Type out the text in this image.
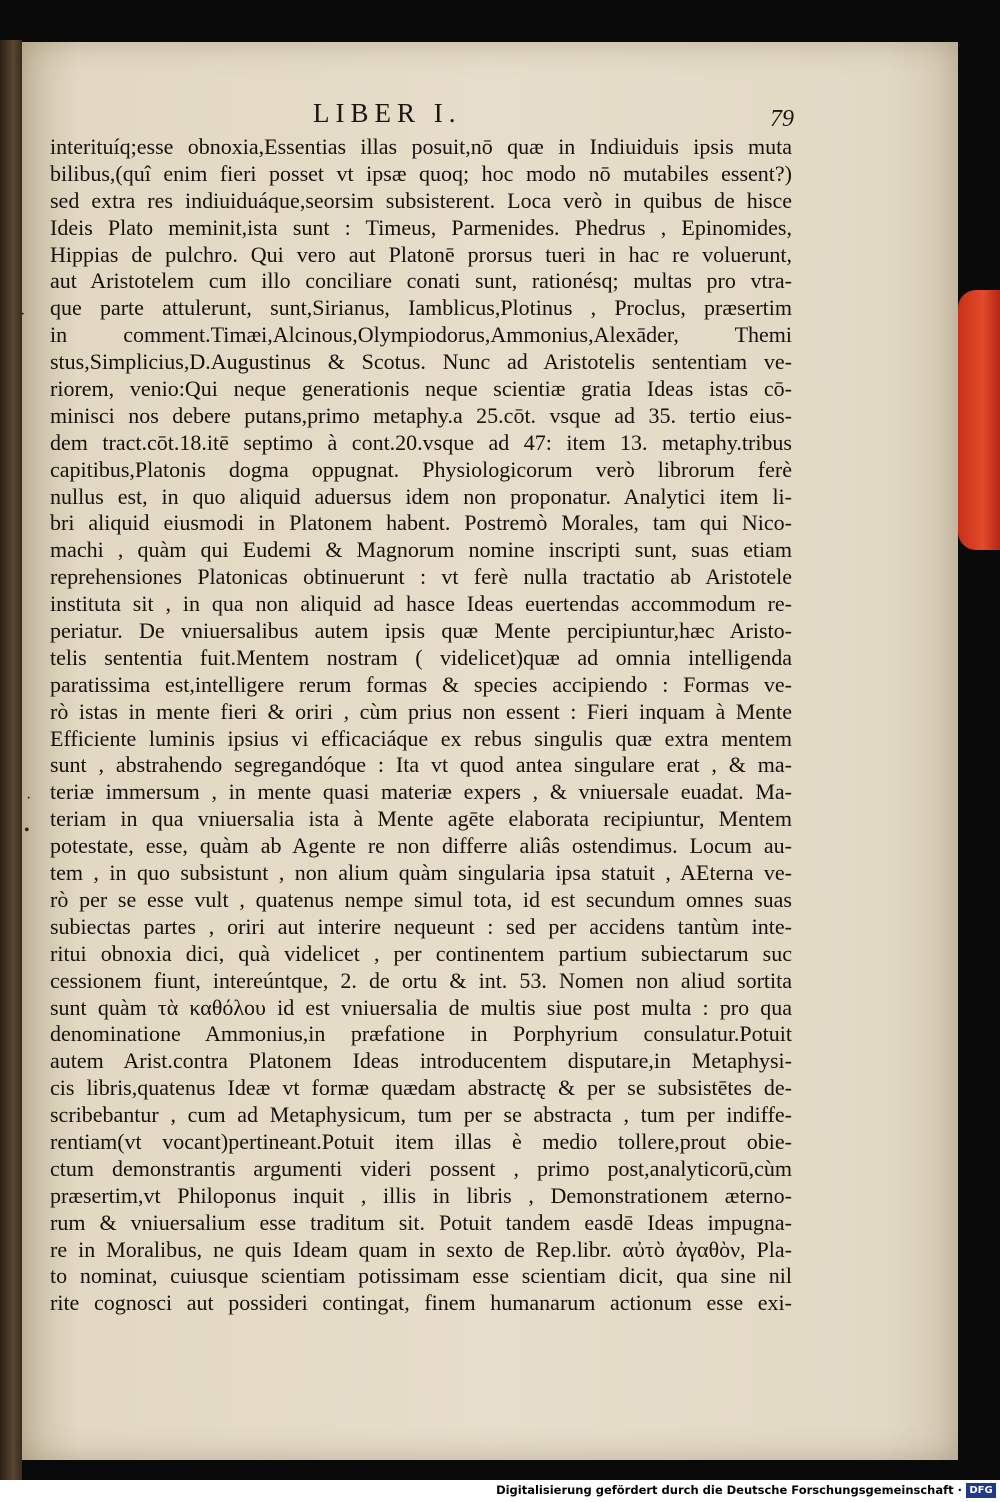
LIBER I.	79
interituíq;esse obnoxia,Essentias illas posuit,nō quæ in Indiuiduis ipsis muta
bilibus,(quî enim fieri posset vt ipsæ quoq; hoc modo nō mutabiles essent?)
sed extra res indiuiduáque,seorsim subsisterent. Loca verò in quibus de hisce
Ideis Plato meminit,ista sunt : Timeus, Parmenides. Phedrus , Epinomides,
Hippias de pulchro. Qui vero aut Platonē prorsus tueri in hac re voluerunt,
aut Aristotelem cum illo conciliare conati sunt, rationésq; multas pro vtra-
que parte attulerunt, sunt,Sirianus, Iamblicus,Plotinus , Proclus, præsertim
in comment.Timæi,Alcinous,Olympiodorus,Ammonius,Alexāder, Themi
stus,Simplicius,D.Augustinus & Scotus. Nunc ad Aristotelis sententiam ve-
riorem, venio:Qui neque generationis neque scientiæ gratia Ideas istas cō-
minisci nos debere putans,primo metaphy.a 25.cōt. vsque ad 35. tertio eius-
dem tract.cōt.18.itē septimo à cont.20.vsque ad 47: item 13. metaphy.tribus
capitibus,Platonis dogma oppugnat. Physiologicorum verò librorum ferè
nullus est, in quo aliquid aduersus idem non proponatur. Analytici item li-
bri aliquid eiusmodi in Platonem habent. Postremò Morales, tam qui Nico-
machi , quàm qui Eudemi & Magnorum nomine inscripti sunt, suas etiam
reprehensiones Platonicas obtinuerunt : vt ferè nulla tractatio ab Aristotele
instituta sit , in qua non aliquid ad hasce Ideas euertendas accommodum re-
periatur. De vniuersalibus autem ipsis quæ Mente percipiuntur,hæc Aristo-
telis sententia fuit.Mentem nostram ( videlicet)quæ ad omnia intelligenda
paratissima est,intelligere rerum formas & species accipiendo : Formas ve-
rò istas in mente fieri & oriri , cùm prius non essent : Fieri inquam à Mente
Efficiente luminis ipsius vi efficaciáque ex rebus singulis quæ extra mentem
sunt , abstrahendo segregandóque : Ita vt quod antea singulare erat , & ma-
teriæ immersum , in mente quasi materiæ expers , & vniuersale euadat. Ma-
teriam in qua vniuersalia ista à Mente agēte elaborata recipiuntur, Mentem
potestate, esse, quàm ab Agente re non differre aliâs ostendimus. Locum au-
tem , in quo subsistunt , non alium quàm singularia ipsa statuit , AEterna ve-
rò per se esse vult , quatenus nempe simul tota, id est secundum omnes suas
subiectas partes , oriri aut interire nequeunt : sed per accidens tantùm inte-
ritui obnoxia dici, quà videlicet , per continentem partium subiectarum suc
cessionem fiunt, intereúntque, 2. de ortu & int. 53. Nomen non aliud sortita
sunt quàm τὰ καθόλου id est vniuersalia de multis siue post multa : pro qua
denominatione Ammonius,in præfatione in Porphyrium consulatur.Potuit
autem Arist.contra Platonem Ideas introducentem disputare,in Metaphysi-
cis libris,quatenus Ideæ vt formæ quædam abstractę & per se subsistētes de-
scribebantur , cum ad Metaphysicum, tum per se abstracta , tum per indiffe-
rentiam(vt vocant)pertineant.Potuit item illas è medio tollere,prout obie-
ctum demonstrantis argumenti videri possent , primo post,analyticorū,cùm
præsertim,vt Philoponus inquit , illis in libris , Demonstrationem æterno-
rum & vniuersalium esse traditum sit. Potuit tandem easdē Ideas impugna-
re in Moralibus, ne quis Ideam quam in sexto de Rep.libr. αὐτὸ ἀγαθὸν, Pla-
to nominat, cuiusque scientiam potissimam esse scientiam dicit, qua sine nil
rite cognosci aut possideri contingat, finem humanarum actionum esse exi-
·
·
•
Digitalisierung gefördert durch die Deutsche Forschungsgemeinschaft · DFG
